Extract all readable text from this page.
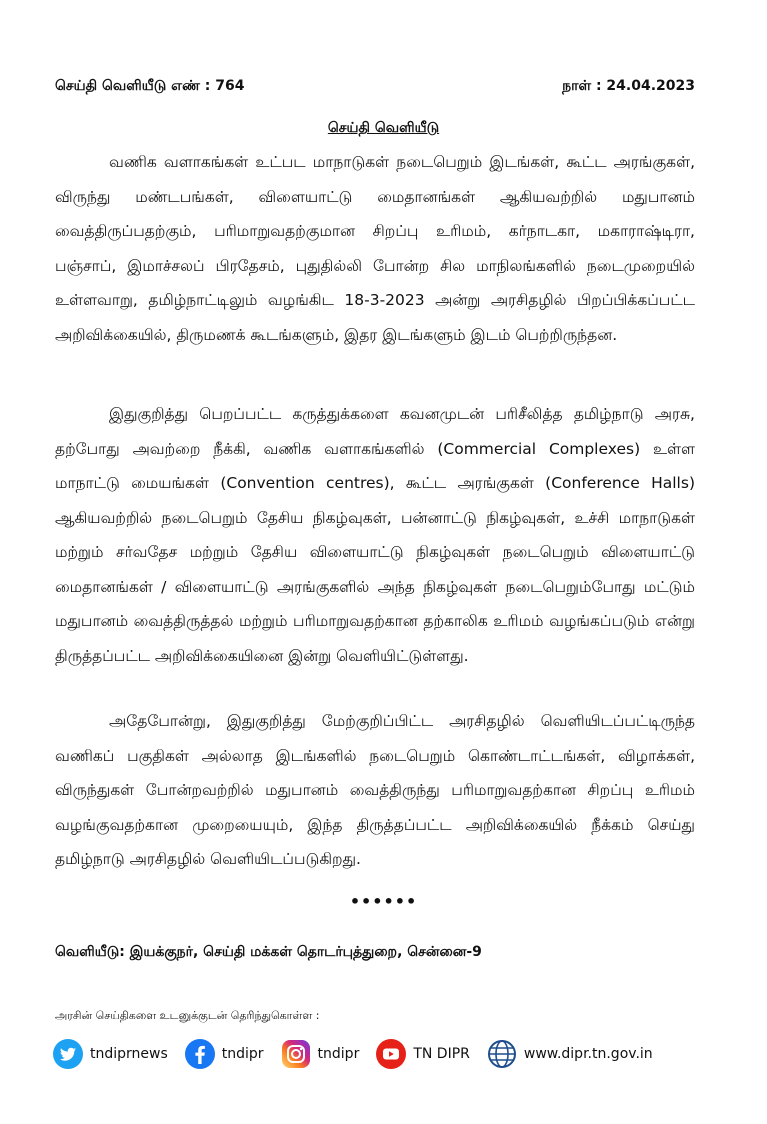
செய்தி வெளியீடு எண் : 764	நாள் : 24.04.2023
செய்தி வெளியீடு

வணிக வளாகங்கள் உட்பட மாநாடுகள் நடைபெறும் இடங்கள், கூட்ட அரங்குகள், விருந்து மண்டபங்கள், விளையாட்டு மைதானங்கள் ஆகியவற்றில் மதுபானம் வைத்திருப்பதற்கும், பரிமாறுவதற்குமான சிறப்பு உரிமம், கர்நாடகா, மகாராஷ்டிரா, பஞ்சாப், இமாச்சலப் பிரதேசம், புதுதில்லி போன்ற சில மாநிலங்களில் நடைமுறையில் உள்ளவாறு, தமிழ்நாட்டிலும் வழங்கிட 18-3-2023 அன்று அரசிதழில் பிறப்பிக்கப்பட்ட அறிவிக்கையில், திருமணக் கூடங்களும், இதர இடங்களும் இடம் பெற்றிருந்தன.

இதுகுறித்து பெறப்பட்ட கருத்துக்களை கவனமுடன் பரிசீலித்த தமிழ்நாடு அரசு, தற்போது அவற்றை நீக்கி, வணிக வளாகங்களில் (Commercial Complexes) உள்ள மாநாட்டு மையங்கள் (Convention centres), கூட்ட அரங்குகள் (Conference Halls) ஆகியவற்றில் நடைபெறும் தேசிய நிகழ்வுகள், பன்னாட்டு நிகழ்வுகள், உச்சி மாநாடுகள் மற்றும் சர்வதேச மற்றும் தேசிய விளையாட்டு நிகழ்வுகள் நடைபெறும் விளையாட்டு மைதானங்கள் / விளையாட்டு அரங்குகளில் அந்த நிகழ்வுகள் நடைபெறும்போது மட்டும் மதுபானம் வைத்திருத்தல் மற்றும் பரிமாறுவதற்கான தற்காலிக உரிமம் வழங்கப்படும் என்று திருத்தப்பட்ட அறிவிக்கையினை இன்று வெளியிட்டுள்ளது.

அதேபோன்று, இதுகுறித்து மேற்குறிப்பிட்ட அரசிதழில் வெளியிடப்பட்டிருந்த வணிகப் பகுதிகள் அல்லாத இடங்களில் நடைபெறும் கொண்டாட்டங்கள், விழாக்கள், விருந்துகள் போன்றவற்றில் மதுபானம் வைத்திருந்து பரிமாறுவதற்கான சிறப்பு உரிமம் வழங்குவதற்கான முறையையும், இந்த திருத்தப்பட்ட அறிவிக்கையில் நீக்கம் செய்து தமிழ்நாடு அரசிதழில் வெளியிடப்படுகிறது.

••••••
வெளியீடு: இயக்குநர், செய்தி மக்கள் தொடர்புத்துறை, சென்னை-9
அரசின் செய்திகளை உடனுக்குடன் தெரிந்துகொள்ள :
tndiprnews	tndipr	tndipr	TN DIPR	www.dipr.tn.gov.in
